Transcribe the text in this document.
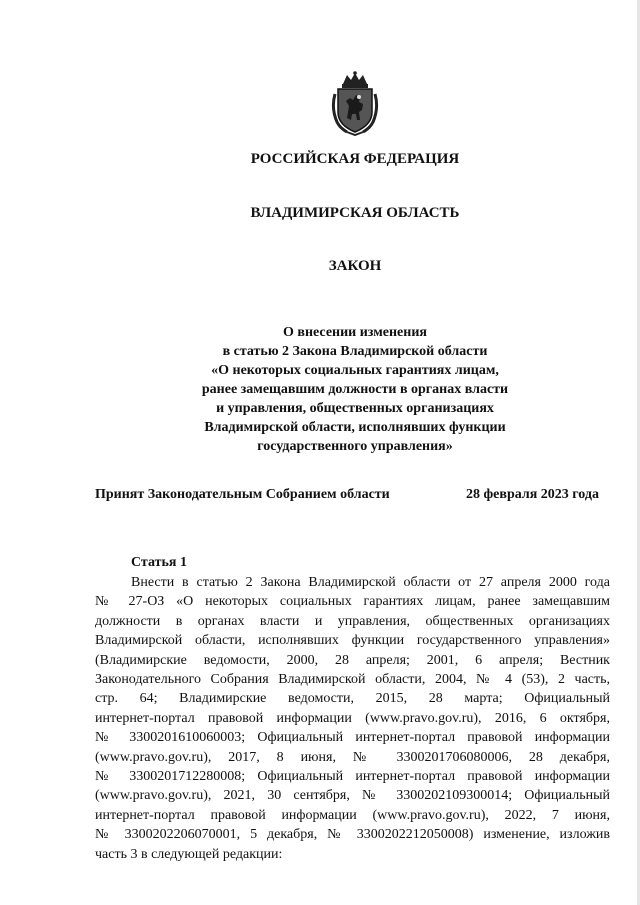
РОССИЙСКАЯ ФЕДЕРАЦИЯ
ВЛАДИМИРСКАЯ ОБЛАСТЬ
ЗАКОН
О внесении изменения
в статью 2 Закона Владимирской области
«О некоторых социальных гарантиях лицам,
ранее замещавшим должности в органах власти
и управления, общественных организациях
Владимирской области, исполнявших функции
государственного управления»
Принят Законодательным Собранием области	28 февраля 2023 года
Статья 1
Внести в статью 2 Закона Владимирской области от 27 апреля 2000 года
№ 27-ОЗ «О некоторых социальных гарантиях лицам, ранее замещавшим
должности в органах власти и управления, общественных организациях
Владимирской области, исполнявших функции государственного управления»
(Владимирские ведомости, 2000, 28 апреля; 2001, 6 апреля; Вестник
Законодательного Собрания Владимирской области, 2004, № 4 (53), 2 часть,
стр. 64; Владимирские ведомости, 2015, 28 марта; Официальный
интернет-портал правовой информации (www.pravo.gov.ru), 2016, 6 октября,
№ 3300201610060003; Официальный интернет-портал правовой информации
(www.pravo.gov.ru), 2017, 8 июня, № 3300201706080006, 28 декабря,
№ 3300201712280008; Официальный интернет-портал правовой информации
(www.pravo.gov.ru), 2021, 30 сентября, № 3300202109300014; Официальный
интернет-портал правовой информации (www.pravo.gov.ru), 2022, 7 июня,
№ 3300202206070001, 5 декабря, № 3300202212050008) изменение, изложив
часть 3 в следующей редакции:
